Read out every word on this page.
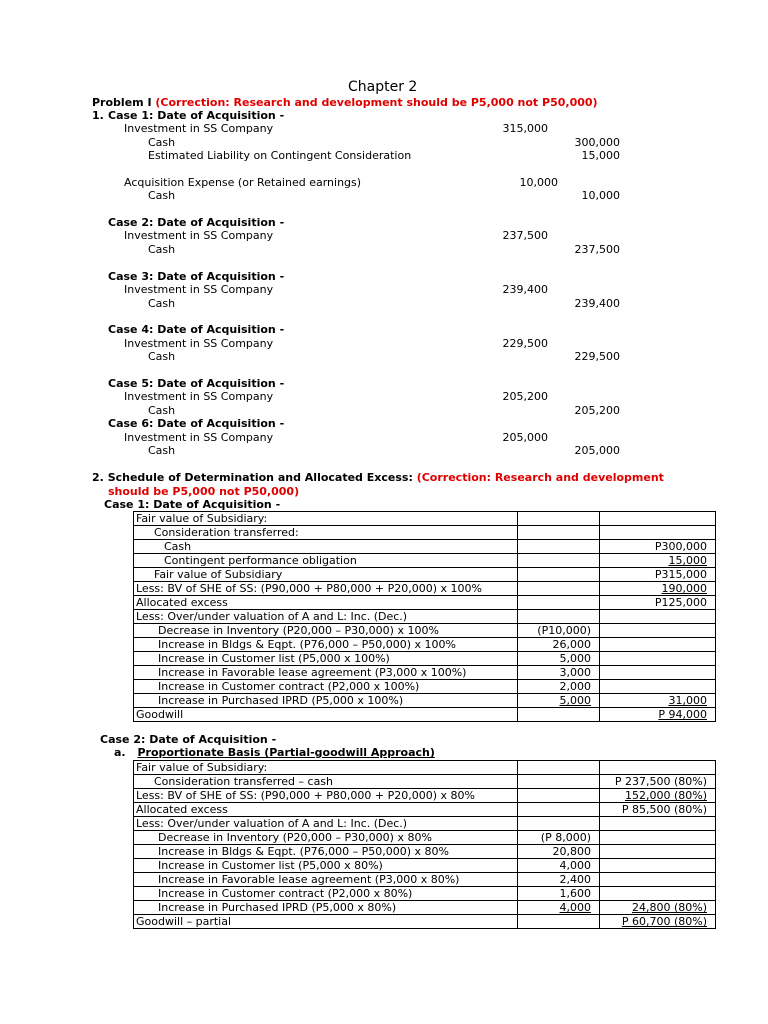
Chapter 2
Problem I (Correction: Research and development should be P5,000 not P50,000)
1. Case 1: Date of Acquisition -
Investment in SS Company	315,000
Cash	300,000
Estimated Liability on Contingent Consideration	15,000
Acquisition Expense (or Retained earnings)	10,000
Cash	10,000
Case 2: Date of Acquisition -
Investment in SS Company	237,500
Cash	237,500
Case 3: Date of Acquisition -
Investment in SS Company	239,400
Cash	239,400
Case 4: Date of Acquisition -
Investment in SS Company	229,500
Cash	229,500
Case 5: Date of Acquisition -
Investment in SS Company	205,200
Cash	205,200
Case 6: Date of Acquisition -
Investment in SS Company	205,000
Cash	205,000
2. Schedule of Determination and Allocated Excess: (Correction: Research and development
should be P5,000 not P50,000)
Case 1: Date of Acquisition -
Fair value of Subsidiary:		
Consideration transferred:		
Cash		P300,000
Contingent performance obligation		15,000
Fair value of Subsidiary		P315,000
Less: BV of SHE of SS: (P90,000 + P80,000 + P20,000) x 100%		190,000
Allocated excess		P125,000
Less: Over/under valuation of A and L: Inc. (Dec.)		
Decrease in Inventory (P20,000 – P30,000) x 100%	(P10,000)	
Increase in Bldgs & Eqpt. (P76,000 – P50,000) x 100%	26,000	
Increase in Customer list (P5,000 x 100%)	5,000	
Increase in Favorable lease agreement (P3,000 x 100%)	3,000	
Increase in Customer contract (P2,000 x 100%)	2,000	
Increase in Purchased IPRD (P5,000 x 100%)	5,000	31,000
Goodwill		P 94,000
Case 2: Date of Acquisition -
a. Proportionate Basis (Partial-goodwill Approach)
Fair value of Subsidiary:		
Consideration transferred – cash		P 237,500 (80%)
Less: BV of SHE of SS: (P90,000 + P80,000 + P20,000) x 80%		152,000 (80%)
Allocated excess		P 85,500 (80%)
Less: Over/under valuation of A and L: Inc. (Dec.)		
Decrease in Inventory (P20,000 – P30,000) x 80%	(P 8,000)	
Increase in Bldgs & Eqpt. (P76,000 – P50,000) x 80%	20,800	
Increase in Customer list (P5,000 x 80%)	4,000	
Increase in Favorable lease agreement (P3,000 x 80%)	2,400	
Increase in Customer contract (P2,000 x 80%)	1,600	
Increase in Purchased IPRD (P5,000 x 80%)	4,000	24,800 (80%)
Goodwill – partial		P 60,700 (80%)
